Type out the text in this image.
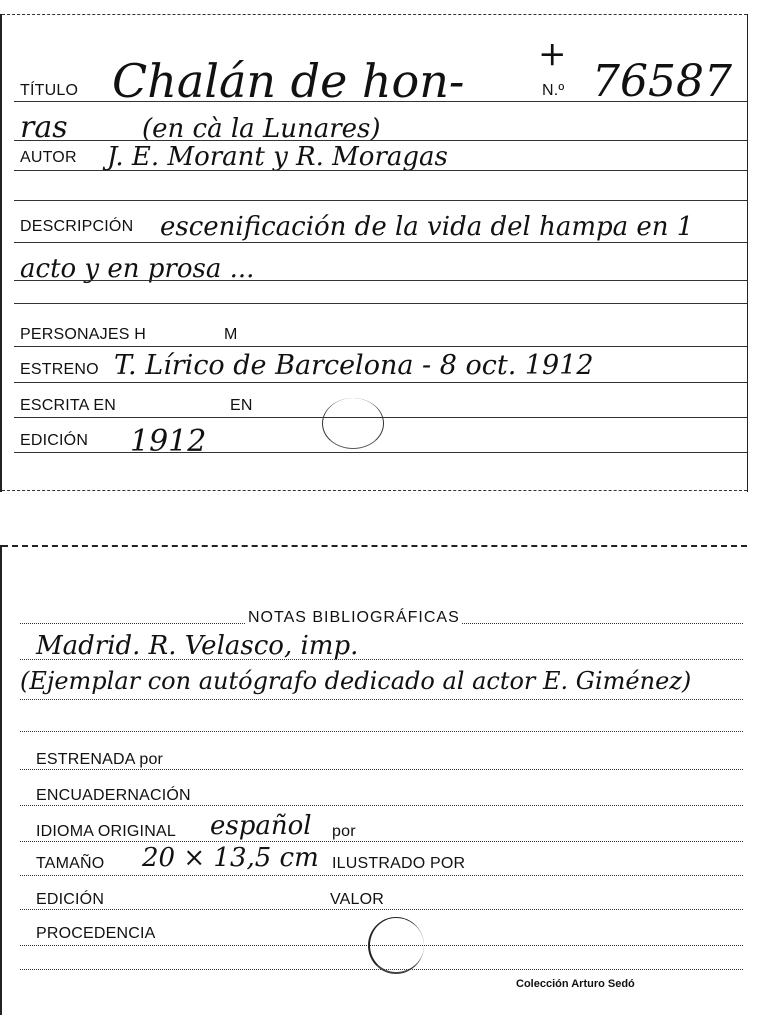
TÍTULO Chalán de hon- +
N.º 76587
ras	(en cà la Lunares)
AUTOR J. E. Morant y R. Moragas
DESCRIPCIÓN escenificación de la vida del hampa en 1
acto y en prosa ...
PERSONAJES H	M
ESTRENO T. Lírico de Barcelona - 8 oct. 1912
ESCRITA EN	EN
EDICIÓN 1912
NOTAS BIBLIOGRÁFICAS
Madrid. R. Velasco, imp.
(Ejemplar con autógrafo dedicado al actor E. Giménez)
ESTRENADA por
ENCUADERNACIÓN
IDIOMA ORIGINAL español por
TAMAÑO 20 × 13,5 cm ILUSTRADO POR
EDICIÓN	VALOR
PROCEDENCIA
Colección Arturo Sedó
